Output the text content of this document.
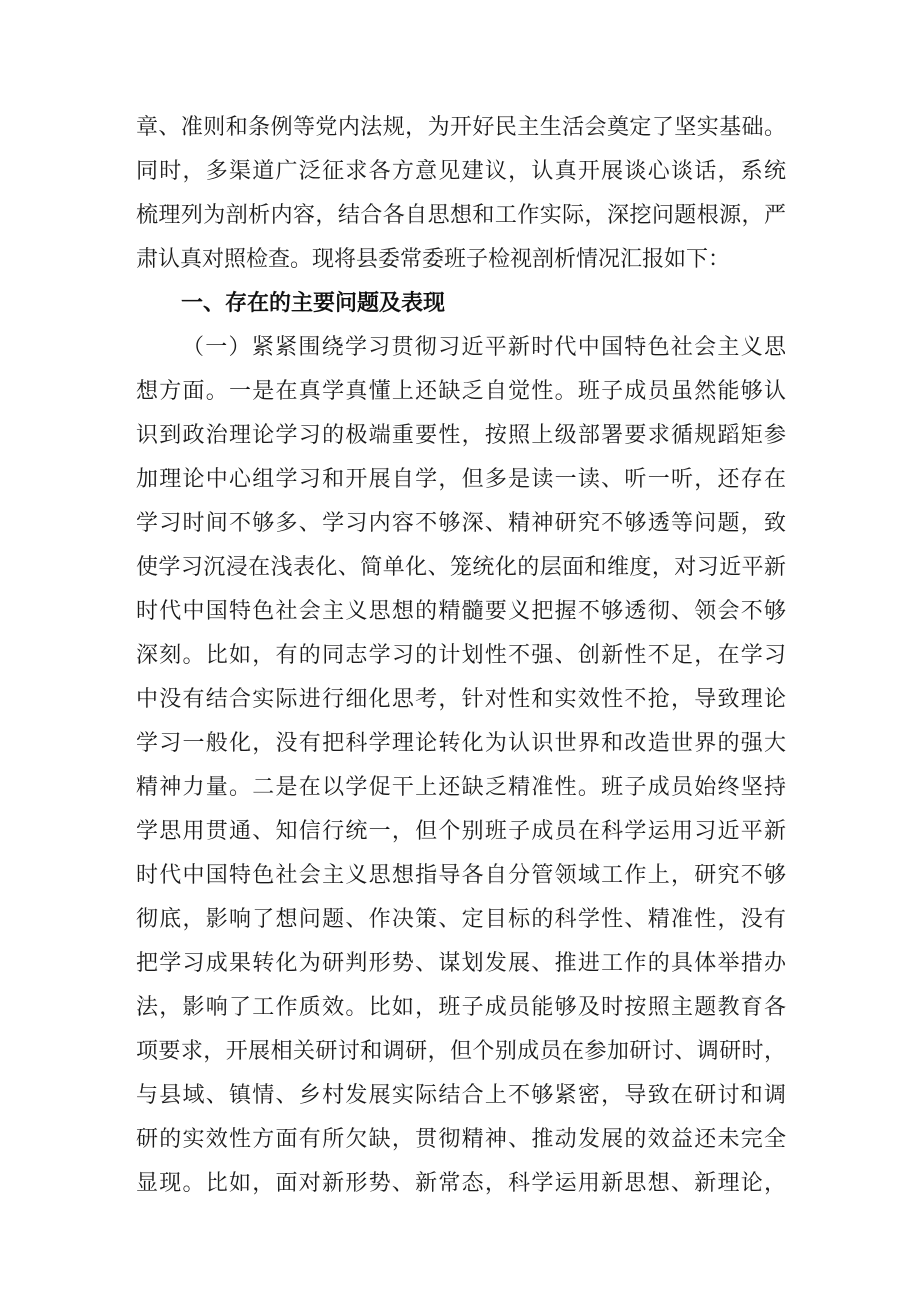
章、准则和条例等党内法规，为开好民主生活会奠定了坚实基础。
同时，多渠道广泛征求各方意见建议，认真开展谈心谈话，系统
梳理列为剖析内容，结合各自思想和工作实际，深挖问题根源，严
肃认真对照检查。现将县委常委班子检视剖析情况汇报如下：
一、存在的主要问题及表现
（一）紧紧围绕学习贯彻习近平新时代中国特色社会主义思
想方面。一是在真学真懂上还缺乏自觉性。班子成员虽然能够认
识到政治理论学习的极端重要性，按照上级部署要求循规蹈矩参
加理论中心组学习和开展自学，但多是读一读、听一听，还存在
学习时间不够多、学习内容不够深、精神研究不够透等问题，致
使学习沉浸在浅表化、简单化、笼统化的层面和维度，对习近平新
时代中国特色社会主义思想的精髓要义把握不够透彻、领会不够
深刻。比如，有的同志学习的计划性不强、创新性不足，在学习
中没有结合实际进行细化思考，针对性和实效性不抢，导致理论
学习一般化，没有把科学理论转化为认识世界和改造世界的强大
精神力量。二是在以学促干上还缺乏精准性。班子成员始终坚持
学思用贯通、知信行统一，但个别班子成员在科学运用习近平新
时代中国特色社会主义思想指导各自分管领域工作上，研究不够
彻底，影响了想问题、作决策、定目标的科学性、精准性，没有
把学习成果转化为研判形势、谋划发展、推进工作的具体举措办
法，影响了工作质效。比如，班子成员能够及时按照主题教育各
项要求，开展相关研讨和调研，但个别成员在参加研讨、调研时，
与县域、镇情、乡村发展实际结合上不够紧密，导致在研讨和调
研的实效性方面有所欠缺，贯彻精神、推动发展的效益还未完全
显现。比如，面对新形势、新常态，科学运用新思想、新理论，
